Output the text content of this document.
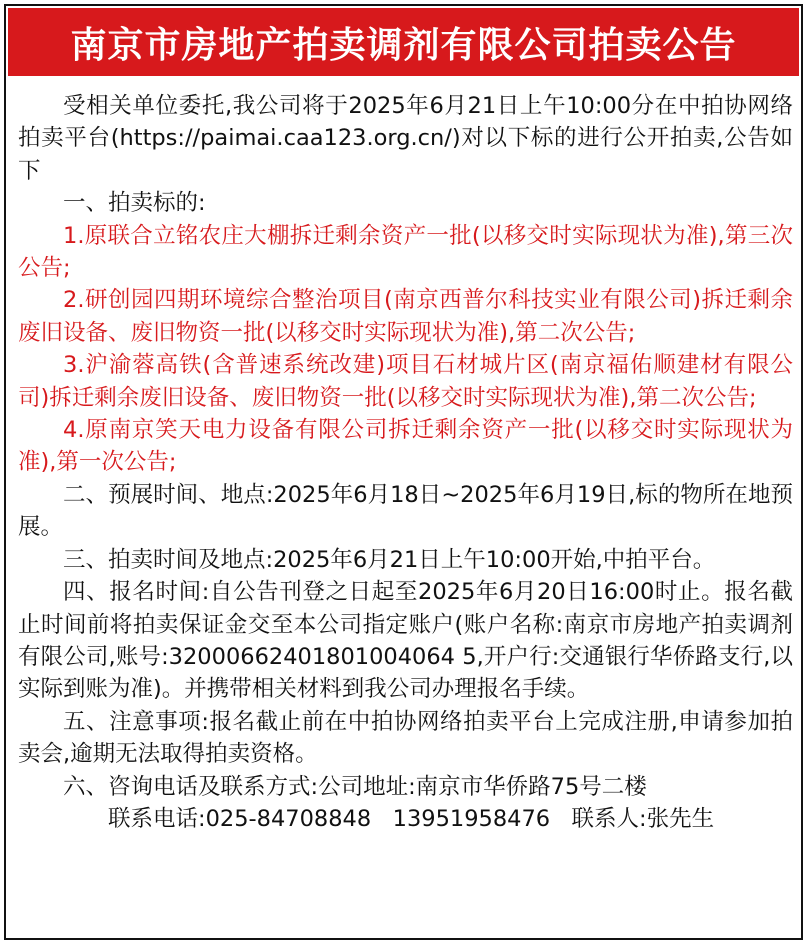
南京市房地产拍卖调剂有限公司拍卖公告

受相关单位委托,我公司将于2025年6月21日上午10:00分在中拍协网络拍卖平台(https://paimai.caa123.org.cn/)对以下标的进行公开拍卖,公告如下

一、拍卖标的:

1.原联合立铭农庄大棚拆迁剩余资产一批(以移交时实际现状为准),第三次公告;

2.研创园四期环境综合整治项目(南京西普尔科技实业有限公司)拆迁剩余废旧设备、废旧物资一批(以移交时实际现状为准),第二次公告;

3.沪渝蓉高铁(含普速系统改建)项目石材城片区(南京福佑顺建材有限公司)拆迁剩余废旧设备、废旧物资一批(以移交时实际现状为准),第二次公告;

4.原南京笑天电力设备有限公司拆迁剩余资产一批(以移交时实际现状为准),第一次公告;

二、预展时间、地点:2025年6月18日~2025年6月19日,标的物所在地预展。

三、拍卖时间及地点:2025年6月21日上午10:00开始,中拍平台。

四、报名时间:自公告刊登之日起至2025年6月20日16:00时止。报名截止时间前将拍卖保证金交至本公司指定账户(账户名称:南京市房地产拍卖调剂有限公司,账号:32000662401801004064 5,开户行:交通银行华侨路支行,以实际到账为准)。并携带相关材料到我公司办理报名手续。

五、注意事项:报名截止前在中拍协网络拍卖平台上完成注册,申请参加拍卖会,逾期无法取得拍卖资格。

六、咨询电话及联系方式:公司地址:南京市华侨路75号二楼

联系电话:025-84708848   13951958476   联系人:张先生
